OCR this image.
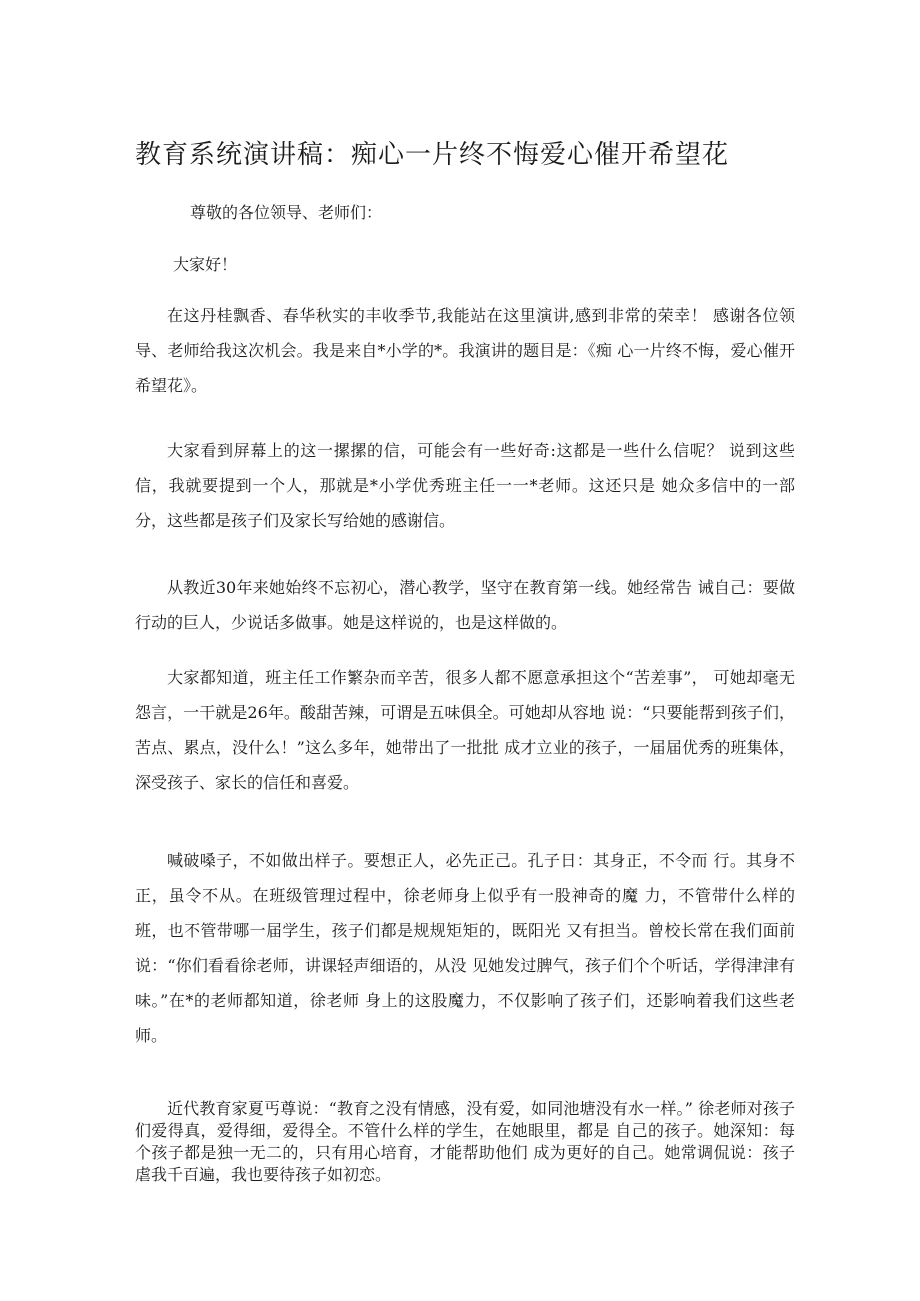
教育系统演讲稿：痴心一片终不悔爱心催开希望花

尊敬的各位领导、老师们：

大家好！

在这丹桂飘香、春华秋实的丰收季节,我能站在这里演讲,感到非常的荣幸！ 感谢各位领导、老师给我这次机会。我是来自*小学的*。我演讲的题目是：《痴 心一片终不悔，爱心催开希望花》。

大家看到屏幕上的这一摞摞的信，可能会有一些好奇:这都是一些什么信呢？ 说到这些信，我就要提到一个人，那就是*小学优秀班主任一一*老师。这还只是 她众多信中的一部分，这些都是孩子们及家长写给她的感谢信。

从教近30年来她始终不忘初心，潜心教学，坚守在教育第一线。她经常告 诫自己：要做行动的巨人，少说话多做事。她是这样说的，也是这样做的。

大家都知道，班主任工作繁杂而辛苦，很多人都不愿意承担这个“苦差事”， 可她却毫无怨言，一干就是26年。酸甜苦辣，可谓是五味俱全。可她却从容地 说：“只要能帮到孩子们，苦点、累点，没什么！”这么多年，她带出了一批批 成才立业的孩子，一届届优秀的班集体，深受孩子、家长的信任和喜爱。

喊破嗓子，不如做出样子。要想正人，必先正己。孔子日：其身正，不令而 行。其身不正，虽令不从。在班级管理过程中，徐老师身上似乎有一股神奇的魔 力，不管带什么样的班，也不管带哪一届学生，孩子们都是规规矩矩的，既阳光 又有担当。曾校长常在我们面前说：“你们看看徐老师，讲课轻声细语的，从没 见她发过脾气，孩子们个个听话，学得津津有味。”在*的老师都知道，徐老师 身上的这股魔力，不仅影响了孩子们，还影响着我们这些老师。

近代教育家夏丐尊说：“教育之没有情感，没有爱，如同池塘没有水一样。” 徐老师对孩子们爱得真，爱得细，爱得全。不管什么样的学生，在她眼里，都是 自己的孩子。她深知：每个孩子都是独一无二的，只有用心培育，才能帮助他们 成为更好的自己。她常调侃说：孩子虐我千百遍，我也要待孩子如初恋。
